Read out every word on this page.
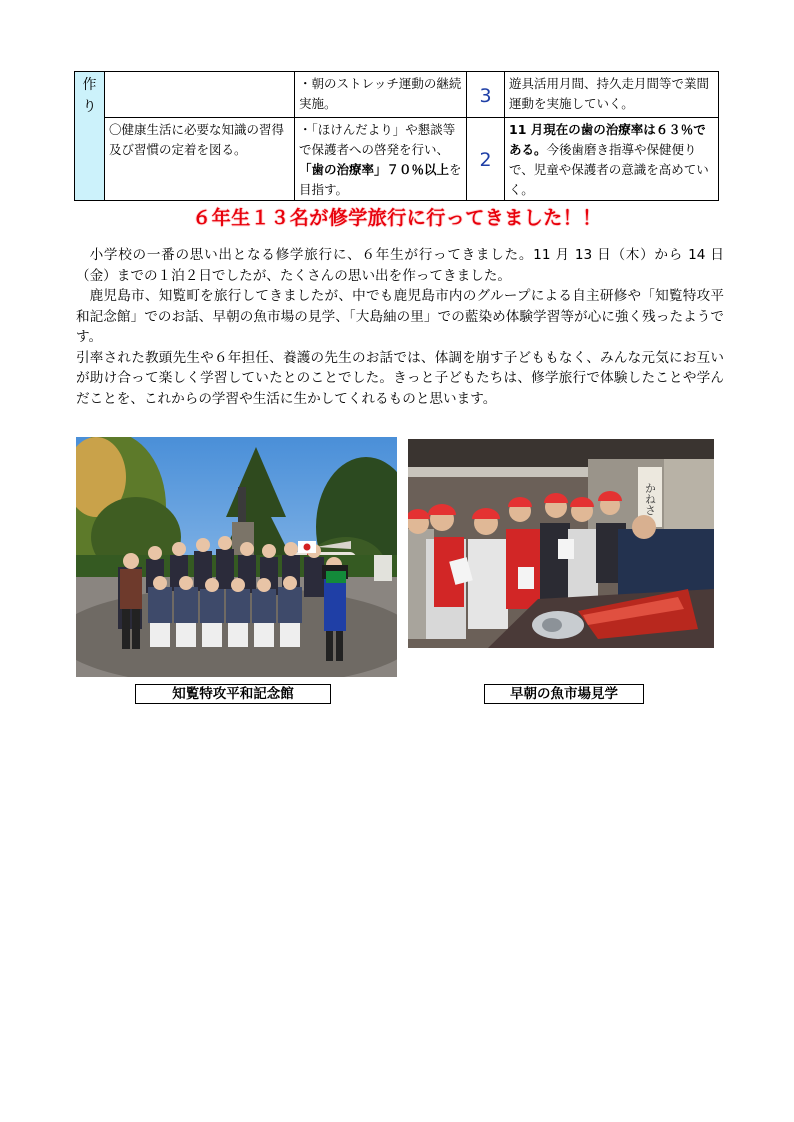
作り		・朝のストレッチ運動の継続実施。	3	遊具活用月間、持久走月間等で業間運動を実施していく。
	〇健康生活に必要な知識の習得及び習慣の定着を図る。	・「ほけんだより」や懇談等で保護者への啓発を行い、「歯の治療率」７０％以上を目指す。	2	11 月現在の歯の治療率は６３％である。今後歯磨き指導や保健便りで、児童や保護者の意識を高めていく。
６年生１３名が修学旅行に行ってきました！！

小学校の一番の思い出となる修学旅行に、６年生が行ってきました。11 月 13 日（木）から 14 日（金）までの１泊２日でしたが、たくさんの思い出を作ってきました。

鹿児島市、知覧町を旅行してきましたが、中でも鹿児島市内のグループによる自主研修や「知覧特攻平和記念館」でのお話、早朝の魚市場の見学、「大島紬の里」での藍染め体験学習等が心に強く残ったようです。

引率された教頭先生や６年担任、養護の先生のお話では、体調を崩す子どももなく、みんな元気にお互いが助け合って楽しく学習していたとのことでした。きっと子どもたちは、修学旅行で体験したことや学んだことを、これからの学習や生活に生かしてくれるものと思います。

かねさ
知覧特攻平和記念館	早朝の魚市場見学
